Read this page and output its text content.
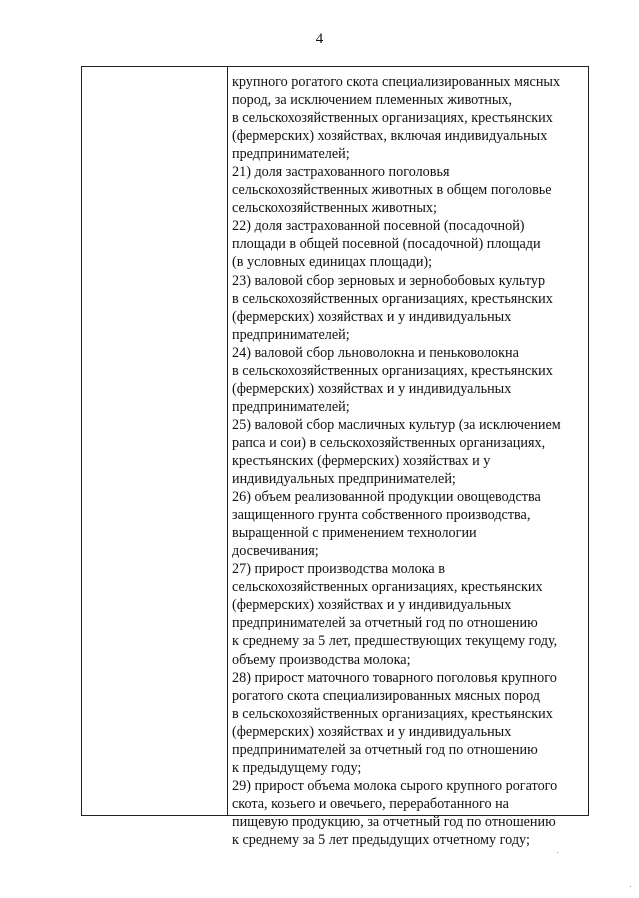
4
крупного рогатого скота специализированных мясных
пород, за исключением племенных животных,
в сельскохозяйственных организациях, крестьянских
(фермерских) хозяйствах, включая индивидуальных
предпринимателей;
21) доля застрахованного поголовья
сельскохозяйственных животных в общем поголовье
сельскохозяйственных животных;
22) доля застрахованной посевной (посадочной)
площади в общей посевной (посадочной) площади
(в условных единицах площади);
23) валовой сбор зерновых и зернобобовых культур
в сельскохозяйственных организациях, крестьянских
(фермерских) хозяйствах и у индивидуальных
предпринимателей;
24) валовой сбор льноволокна и пеньковолокна
в сельскохозяйственных организациях, крестьянских
(фермерских) хозяйствах и у индивидуальных
предпринимателей;
25) валовой сбор масличных культур (за исключением
рапса и сои) в сельскохозяйственных организациях,
крестьянских (фермерских) хозяйствах и у
индивидуальных предпринимателей;
26) объем реализованной продукции овощеводства
защищенного грунта собственного производства,
выращенной с применением технологии
досвечивания;
27) прирост производства молока в
сельскохозяйственных организациях, крестьянских
(фермерских) хозяйствах и у индивидуальных
предпринимателей за отчетный год по отношению
к среднему за 5 лет, предшествующих текущему году,
объему производства молока;
28) прирост маточного товарного поголовья крупного
рогатого скота специализированных мясных пород
в сельскохозяйственных организациях, крестьянских
(фермерских) хозяйствах и у индивидуальных
предпринимателей за отчетный год по отношению
к предыдущему году;
29) прирост объема молока сырого крупного рогатого
скота, козьего и овечьего, переработанного на
пищевую продукцию, за отчетный год по отношению
к среднему за 5 лет предыдущих отчетному году;
